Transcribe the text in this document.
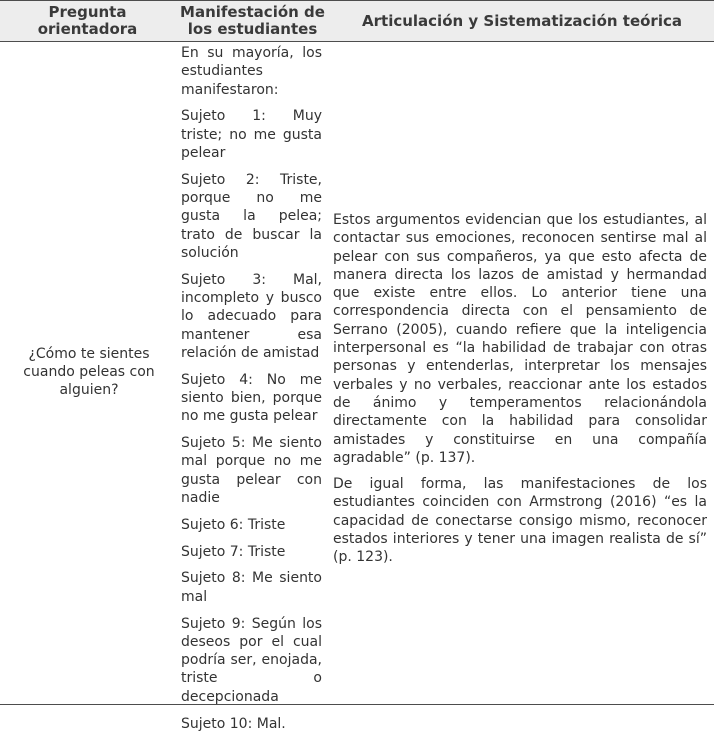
Pregunta orientadora
Manifestación de los estudiantes	Articulación y Sistematización teórica
¿Cómo te sientes cuando peleas con alguien?

En su mayoría, los estudiantes manifestaron:

Sujeto 1: Muy triste; no me gusta pelear

Sujeto 2: Triste, porque no me gusta la pelea; trato de buscar la solución

Sujeto 3: Mal, incompleto y busco lo adecuado para mantener esa relación de amistad

Sujeto 4: No me siento bien, porque no me gusta pelear

Sujeto 5: Me siento mal porque no me gusta pelear con nadie

Sujeto 6: Triste

Sujeto 7: Triste

Sujeto 8: Me siento mal

Sujeto 9: Según los deseos por el cual podría ser, enojada, triste o decepcionada

Sujeto 10: Mal.

Estos argumentos evidencian que los estudiantes, al contactar sus emociones, reconocen sentirse mal al pelear con sus compañeros, ya que esto afecta de manera directa los lazos de amistad y hermandad que existe entre ellos. Lo anterior tiene una correspondencia directa con el pensamiento de Serrano (2005), cuando refiere que la inteligencia interpersonal es “la habilidad de trabajar con otras personas y entenderlas, interpretar los mensajes verbales y no verbales, reaccionar ante los estados de ánimo y temperamentos relacionándola directamente con la habilidad para consolidar amistades y constituirse en una compañía agradable” (p. 137).

De igual forma, las manifestaciones de los estudiantes coinciden con Armstrong (2016) “es la capacidad de conectarse consigo mismo, reconocer estados interiores y tener una imagen realista de sí” (p. 123).
